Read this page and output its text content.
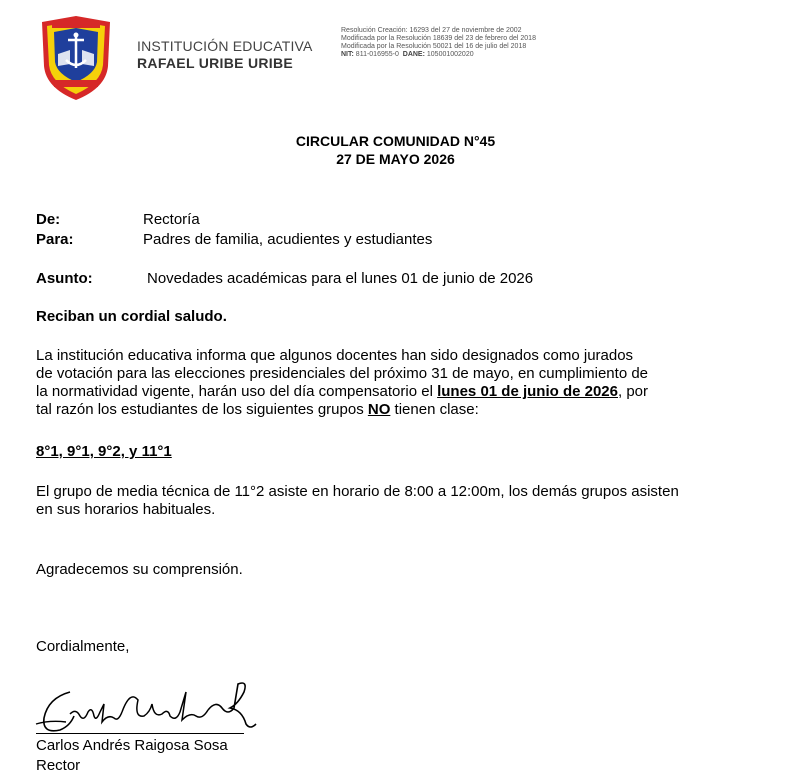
INSTITUCIÓN EDUCATIVA
RAFAEL URIBE URIBE
Resolución Creación: 16293 del 27 de noviembre de 2002
Modificada por la Resolución 18639 del 23 de febrero del 2018
Modificada por la Resolución 50021 del 16 de julio del 2018
NIT: 811-016955-0 DANE: 105001002020
CIRCULAR COMUNIDAD N°45
27 DE MAYO 2026
De:	Rectoría
Para:	Padres de familia, acudientes y estudiantes
Asunto:	Novedades académicas para el lunes 01 de junio de 2026
Reciban un cordial saludo.
La institución educativa informa que algunos docentes han sido designados como jurados
de votación para las elecciones presidenciales del próximo 31 de mayo, en cumplimiento de
la normatividad vigente, harán uso del día compensatorio el lunes 01 de junio de 2026, por
tal razón los estudiantes de los siguientes grupos NO tienen clase:
8°1, 9°1, 9°2, y 11°1
El grupo de media técnica de 11°2 asiste en horario de 8:00 a 12:00m, los demás grupos asisten
en sus horarios habituales.
Agradecemos su comprensión.
Cordialmente,
Carlos Andrés Raigosa Sosa
Rector
